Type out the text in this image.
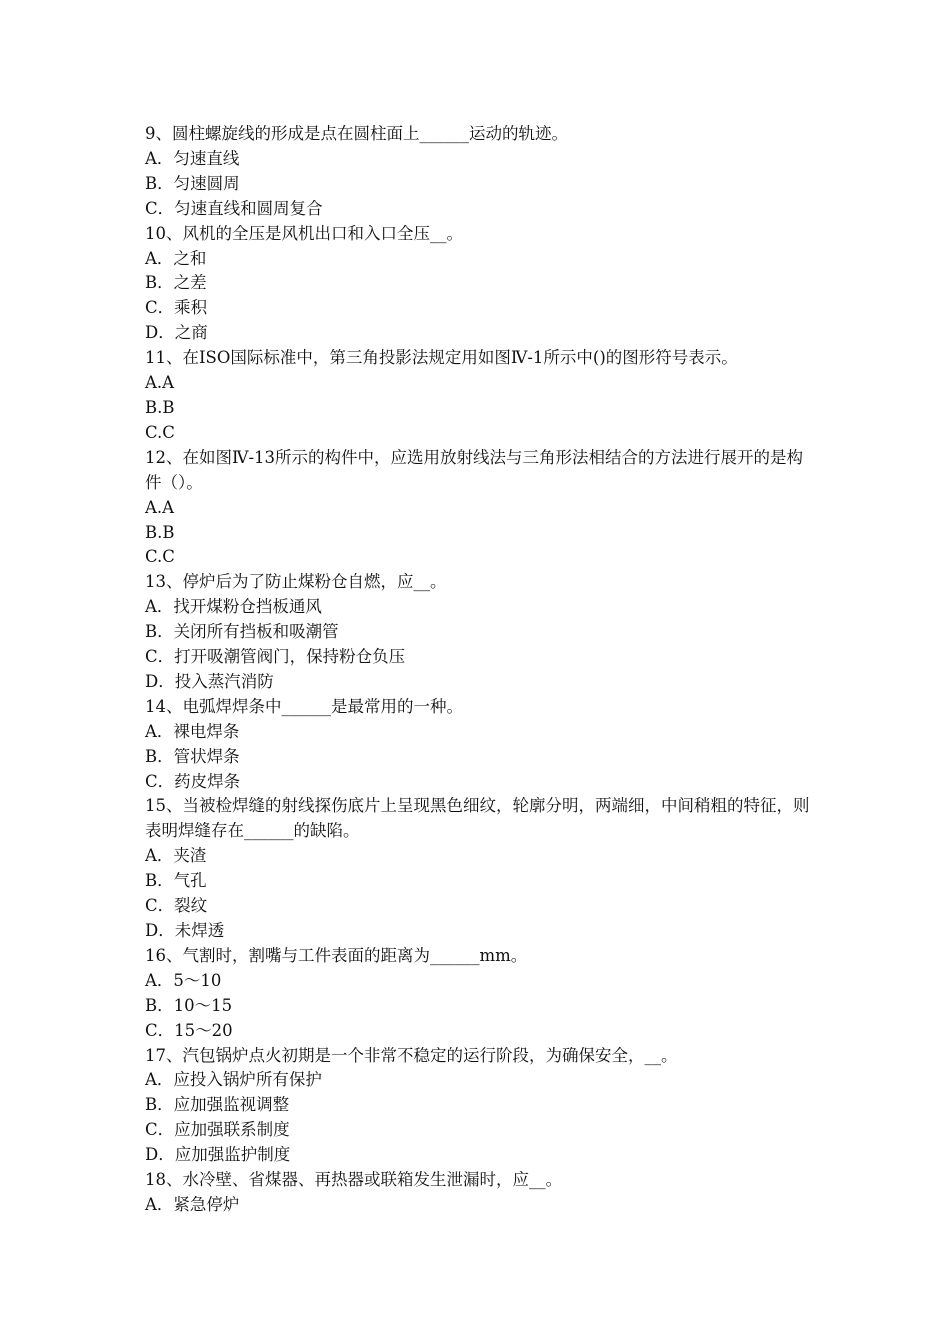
9、圆柱螺旋线的形成是点在圆柱面上______运动的轨迹。
A．匀速直线
B．匀速圆周
C．匀速直线和圆周复合
10、风机的全压是风机出口和入口全压__。
A．之和
B．之差
C．乘积
D．之商
11、在ISO国际标准中，第三角投影法规定用如图Ⅳ-1所示中()的图形符号表示。
A.A
B.B
C.C
12、在如图Ⅳ-13所示的构件中，应选用放射线法与三角形法相结合的方法进行展开的是构件（）。
A.A
B.B
C.C
13、停炉后为了防止煤粉仓自燃，应__。
A．找开煤粉仓挡板通风
B．关闭所有挡板和吸潮管
C．打开吸潮管阀门，保持粉仓负压
D．投入蒸汽消防
14、电弧焊焊条中______是最常用的一种。
A．裸电焊条
B．管状焊条
C．药皮焊条
15、当被检焊缝的射线探伤底片上呈现黑色细纹，轮廓分明，两端细，中间稍粗的特征，则表明焊缝存在______的缺陷。
A．夹渣
B．气孔
C．裂纹
D．未焊透
16、气割时，割嘴与工件表面的距离为______mm。
A．5～10
B．10～15
C．15～20
17、汽包锅炉点火初期是一个非常不稳定的运行阶段，为确保安全，__。
A．应投入锅炉所有保护
B．应加强监视调整
C．应加强联系制度
D．应加强监护制度
18、水冷壁、省煤器、再热器或联箱发生泄漏时，应__。
A．紧急停炉
